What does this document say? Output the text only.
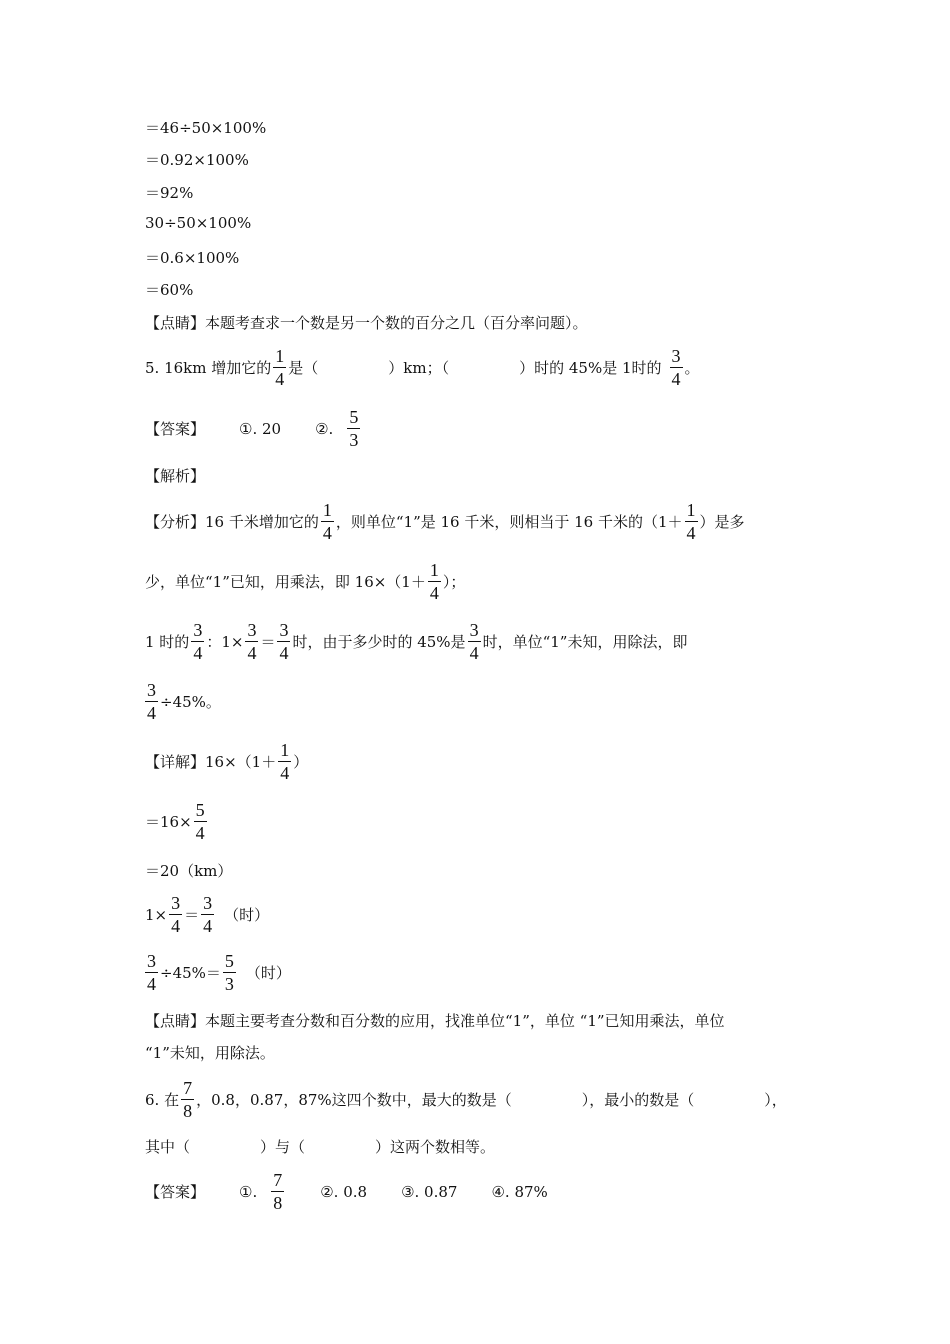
＝46÷50×100%
＝0.92×100%
＝92%
30÷50×100%
＝0.6×100%
＝60%
【点睛】本题考查求一个数是另一个数的百分之几（百分率问题）。
5. 16km 增加它的 $\frac{1}{4}$ 是（	）km；（	）时的 45%是 1时的 $\frac{3}{4}$ 。
【答案】 ①. 20 ②. $\frac{5}{3}$
【解析】
【分析】16 千米增加它的 $\frac{1}{4}$ ，则单位“1”是 16 千米，则相当于 16 千米的（$1+ \frac{1}{4}$ ）是多
少，单位“1”已知，用乘法，即 $16\times(1+ \frac{1}{4}$ ）；
1 时的 $\frac{3}{4}$ ：$1\times \frac{3}{4} = \frac{3}{4}$ 时，由于多少时的 45%是 $\frac{3}{4}$ 时，单位“1”未知，用除法，即
$\frac{3}{4} \div 45\%$。
【详解】$16\times(1+ \frac{1}{4}$ ）
$=16\times \frac{5}{4}$
＝20（km）
$1\times \frac{3}{4} = \frac{3}{4}$ （时）
$\frac{3}{4} \div 45\%= \frac{5}{3}$ （时）
【点睛】本题主要考查分数和百分数的应用，找准单位“1”，单位 “1”已知用乘法，单位
“1”未知，用除法。
6. 在 $\frac{7}{8}$ ，0.8，0.87，87%这四个数中，最大的数是（	），最小的数是（	），
其中（	）与（	）这两个数相等。
【答案】 ①. $\frac{7}{8}$ ②. 0.8 ③. 0.87 ④. 87%
